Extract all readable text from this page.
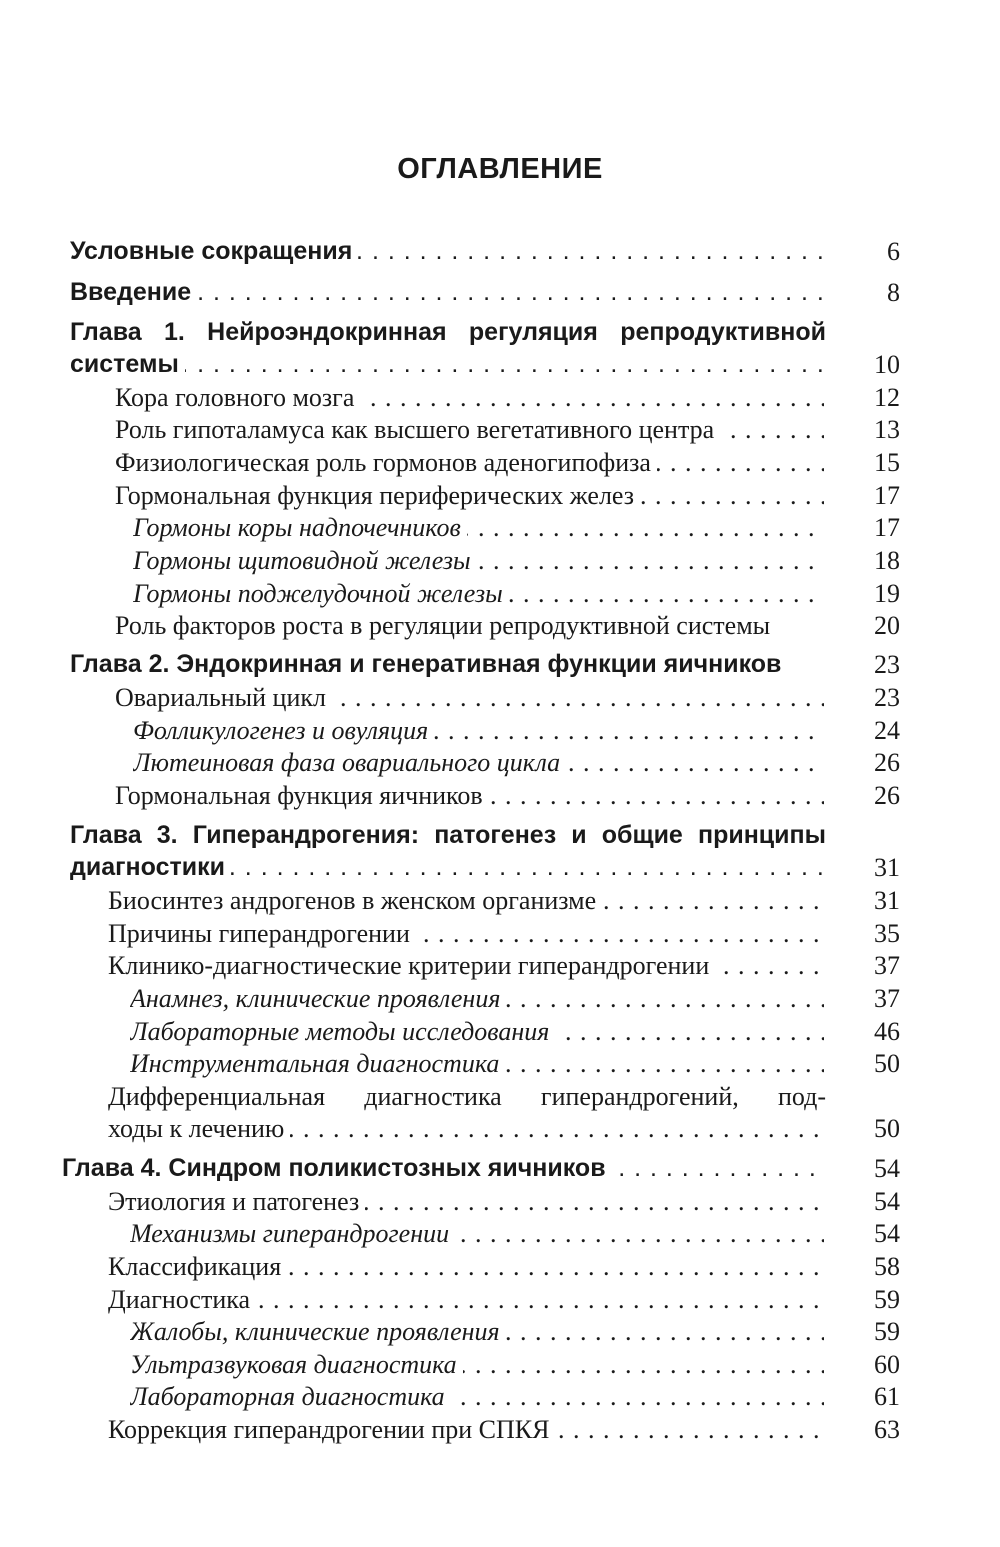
ОГЛАВЛЕНИЕ
Условные сокращения . . .	6
Введение . . .	8
Глава 1. Нейроэндокринная регуляция репродуктивной
системы . . .	10
Кора головного мозга . . .	12
Роль гипоталамуса как высшего вегетативного центра . . .	13
Физиологическая роль гормонов аденогипофиза . . .	15
Гормональная функция периферических желез . . .	17
Гормоны коры надпочечников . . .	17
Гормоны щитовидной железы . . .	18
Гормоны поджелудочной железы . . .	19
Роль факторов роста в регуляции репродуктивной системы	20
Глава 2. Эндокринная и генеративная функции яичников	23
Овариальный цикл . . .	23
Фолликулогенез и овуляция . . .	24
Лютеиновая фаза овариального цикла . . .	26
Гормональная функция яичников . . .	26
Глава 3. Гиперандрогения: патогенез и общие принципы
диагностики . . .	31
Биосинтез андрогенов в женском организме . . .	31
Причины гиперандрогении . . .	35
Клинико-диагностические критерии гиперандрогении . . .	37
Анамнез, клинические проявления . . .	37
Лабораторные методы исследования . . .	46
Инструментальная диагностика . . .	50
Дифференциальная диагностика гиперандрогений, под-
ходы к лечению . . .	50
Глава 4. Синдром поликистозных яичников . . .	54
Этиология и патогенез . . .	54
Механизмы гиперандрогении . . .	54
Классификация . . .	58
Диагностика . . .	59
Жалобы, клинические проявления . . .	59
Ультразвуковая диагностика . . .	60
Лабораторная диагностика . . .	61
Коррекция гиперандрогении при СПКЯ . . .	63
